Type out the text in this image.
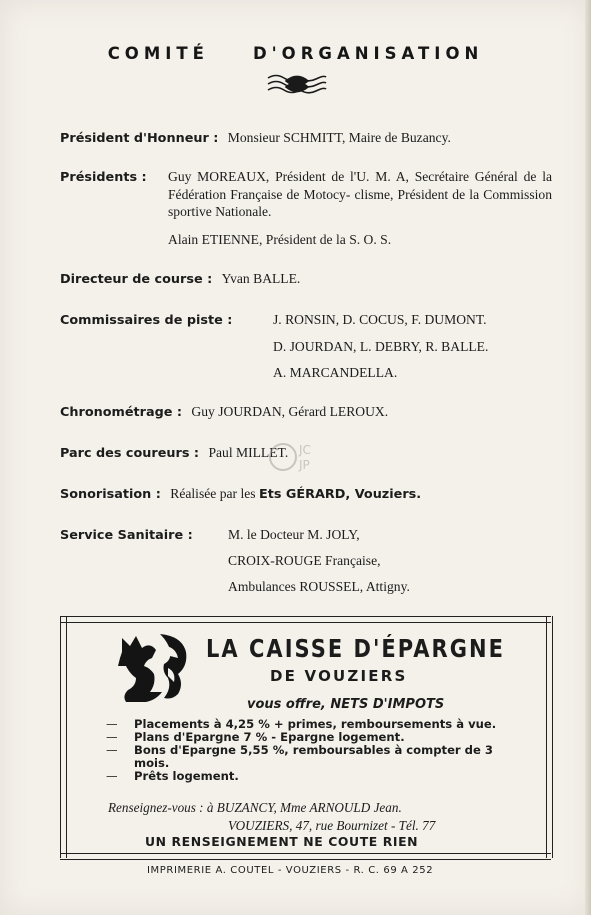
COMITÉ	D'ORGANISATION
Président d'Honneur : Monsieur SCHMITT, Maire de Buzancy.
Présidents : Guy MOREAUX, Président de l'U. M. A, Secrétaire Général de la Fédération Française de Motocy- clisme, Président de la Commission sportive Nationale.
Alain ETIENNE, Président de la S. O. S.
Directeur de course : Yvan BALLE.
Commissaires de piste :	J. RONSIN, D. COCUS, F. DUMONT.
D. JOURDAN, L. DEBRY, R. BALLE.
A. MARCANDELLA.
Chronométrage : Guy JOURDAN, Gérard LEROUX.
Parc des coureurs : Paul MILLET. JC
JP
Sonorisation : Réalisée par les Ets GÉRARD, Vouziers.
Service Sanitaire :	M. le Docteur M. JOLY,
CROIX-ROUGE Française,
Ambulances ROUSSEL, Attigny.
LA CAISSE D'ÉPARGNE
DE VOUZIERS
vous offre, NETS D'IMPOTS
— Placements à 4,25 % + primes, remboursements à vue.
— Plans d'Epargne 7 % - Epargne logement.
— Bons d'Epargne 5,55 %, remboursables à compter de 3 mois.
— Prêts logement.
Renseignez-vous : à BUZANCY, Mme ARNOULD Jean.
VOUZIERS, 47, rue Bournizet - Tél. 77
UN RENSEIGNEMENT NE COUTE RIEN
IMPRIMERIE A. COUTEL - VOUZIERS - R. C. 69 A 252
